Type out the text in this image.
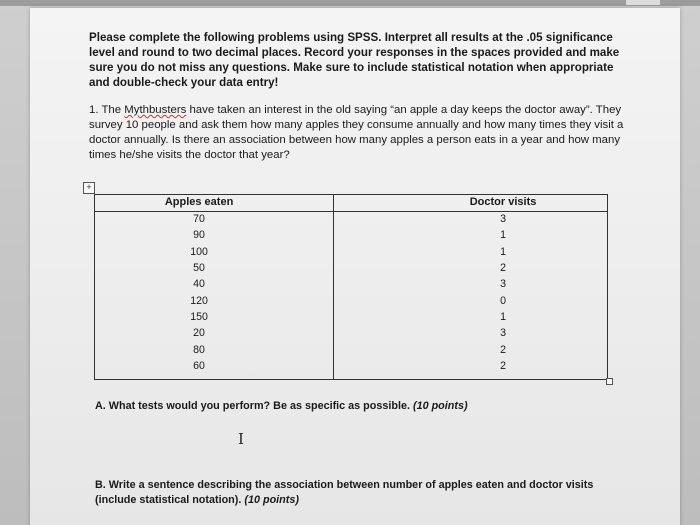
Please complete the following problems using SPSS. Interpret all results at the .05 significance level and round to two decimal places. Record your responses in the spaces provided and make sure you do not miss any questions. Make sure to include statistical notation when appropriate and double-check your data entry!

1. The Mythbusters have taken an interest in the old saying “an apple a day keeps the doctor away”. They survey 10 people and ask them how many apples they consume annually and how many times they visit a doctor annually. Is there an association between how many apples a person eats in a year and how many times he/she visits the doctor that year?

+
Apples eaten	Doctor visits
70	3
90	1
100	1
50	2
40	3
120	0
150	1
20	3
80	2
60	2

A. What tests would you perform? Be as specific as possible. (10 points)

I

B. Write a sentence describing the association between number of apples eaten and doctor visits (include statistical notation). (10 points)
